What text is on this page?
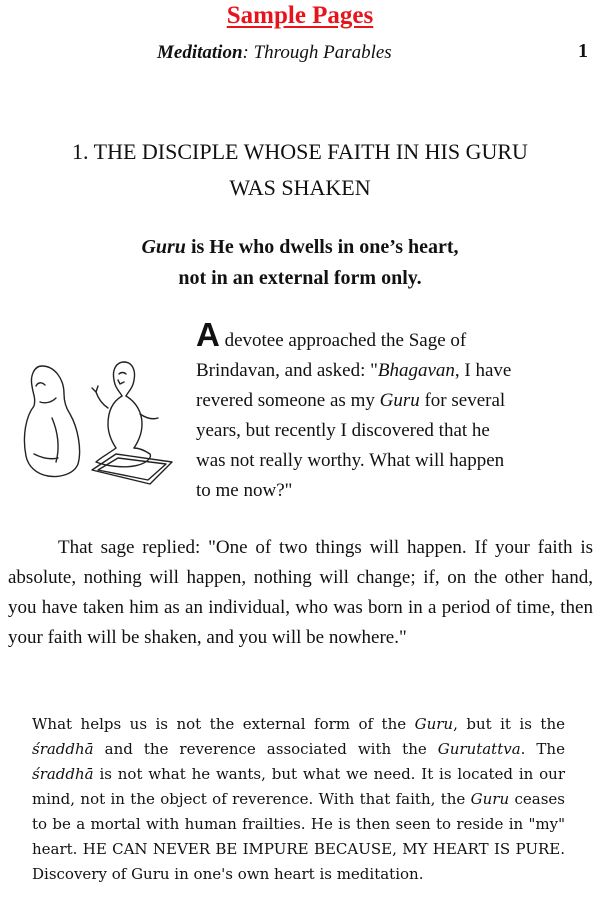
Sample Pages
Meditation: Through Parables	1
1. THE DISCIPLE WHOSE FAITH IN HIS GURU
WAS SHAKEN
Guru is He who dwells in one’s heart,
not in an external form only.
A devotee approached the Sage of
Brindavan, and asked: "Bhagavan, I have
revered someone as my Guru for several
years, but recently I discovered that he
was not really worthy. What will happen
to me now?"
That sage replied: "One of two things will happen. If your faith is absolute, nothing will happen, nothing will change; if, on the other hand, you have taken him as an individual, who was born in a period of time, then your faith will be shaken, and you will be nowhere."
What helps us is not the external form of the Guru, but it is the śraddhā and the reverence associated with the Gurutattva. The śraddhā is not what he wants, but what we need. It is located in our mind, not in the object of reverence. With that faith, the Guru ceases to be a mortal with human frailties. He is then seen to reside in "my" heart. HE CAN NEVER BE IMPURE BECAUSE, MY HEART IS PURE. Discovery of Guru in one's own heart is meditation.
